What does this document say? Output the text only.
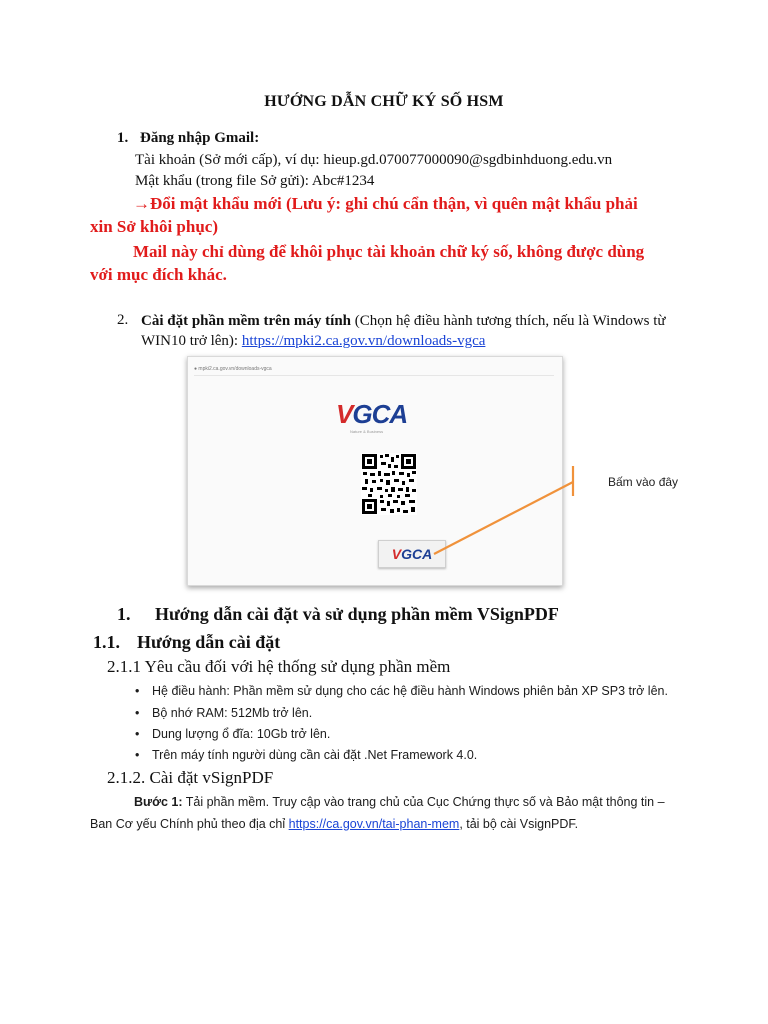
HƯỚNG DẪN CHỮ KÝ SỐ HSM
1. Đăng nhập Gmail:
Tài khoản (Sở mới cấp), ví dụ: hieup.gd.070077000090@sgdbinhduong.edu.vn
Mật khẩu (trong file Sở gửi): Abc#1234
→Đổi mật khẩu mới (Lưu ý: ghi chú cẩn thận, vì quên mật khẩu phải
xin Sở khôi phục)
Mail này chỉ dùng để khôi phục tài khoản chữ ký số, không được dùng
với mục đích khác.
2. Cài đặt phần mềm trên máy tính (Chọn hệ điều hành tương thích, nếu là Windows từ
WIN10 trở lên): https://mpki2.ca.gov.vn/downloads-vgca
● mpki2.ca.gov.vn/downloads-vgca
VGCA
Nature & Business
VGCA
Bấm vào đây
1. Hướng dẫn cài đặt và sử dụng phần mềm VSignPDF
1.1. Hướng dẫn cài đặt
2.1.1 Yêu cầu đối với hệ thống sử dụng phần mềm
• Hệ điều hành: Phần mềm sử dụng cho các hệ điều hành Windows phiên bản XP SP3 trở lên.
• Bộ nhớ RAM: 512Mb trở lên.
• Dung lượng ổ đĩa: 10Gb trở lên.
• Trên máy tính người dùng cần cài đặt .Net Framework 4.0.
2.1.2. Cài đặt vSignPDF
Bước 1: Tải phần mềm. Truy cập vào trang chủ của Cục Chứng thực số và Bảo mật thông tin –
Ban Cơ yếu Chính phủ theo địa chỉ https://ca.gov.vn/tai-phan-mem, tải bộ cài VsignPDF.
